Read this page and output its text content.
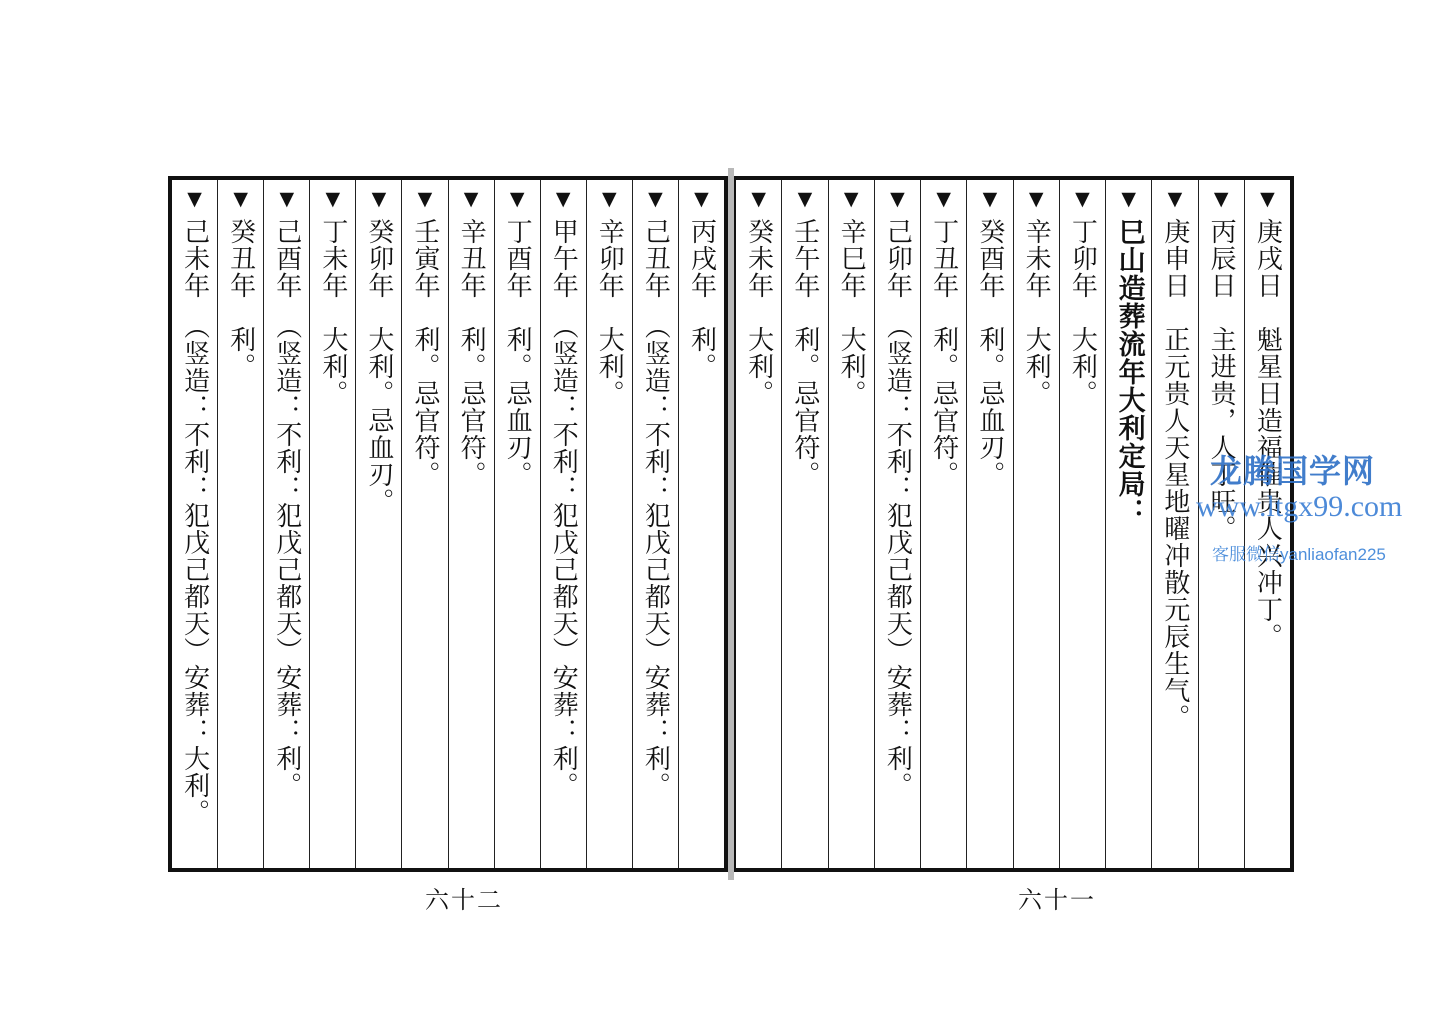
▼
庚戌日　魁星日造福催贵人兴冲丁。
▼
丙辰日　主进贵，人丁旺。
▼
庚申日　正元贵人天星地曜冲散元辰生气。
▼
巳山造葬流年大利定局：
▼
丁卯年　大利。
▼
辛未年　大利。
▼
癸酉年　利。忌血刃。
▼
丁丑年　利。忌官符。
▼
己卯年　（竖造：不利：犯戊己都天）安葬：利。
▼
辛巳年　大利。
▼
壬午年　利。忌官符。
▼
癸未年　大利。
▼
丙戌年　利。
▼
己丑年　（竖造：不利：犯戊己都天）安葬：利。
▼
辛卯年　大利。
▼
甲午年　（竖造：不利：犯戊己都天）安葬：利。
▼
丁酉年　利。忌血刃。
▼
辛丑年　利。忌官符。
▼
壬寅年　利。忌官符。
▼
癸卯年　大利。忌血刃。
▼
丁未年　大利。
▼
己酉年　（竖造：不利：犯戊己都天）安葬：利。
▼
癸丑年　利。
▼
己未年　（竖造：不利：犯戊己都天）安葬：大利。
六十二	六十一
龙腾国学网
www.ltgx99.com
客服微信yanliaofan225
